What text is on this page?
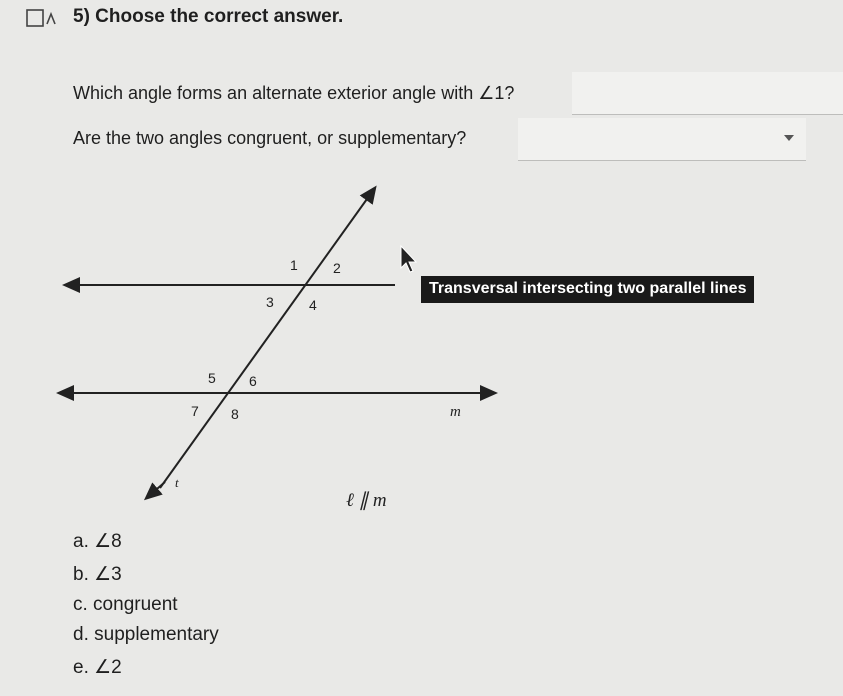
5) Choose the correct answer.
Which angle forms an alternate exterior angle with ∠1?
Are the two angles congruent, or supplementary?
1	2
3	4
5 6
7 8	m
t
ℓ ∥ m
Transversal intersecting two parallel lines
a. ∠8
b. ∠3
c. congruent
d. supplementary
e. ∠2
